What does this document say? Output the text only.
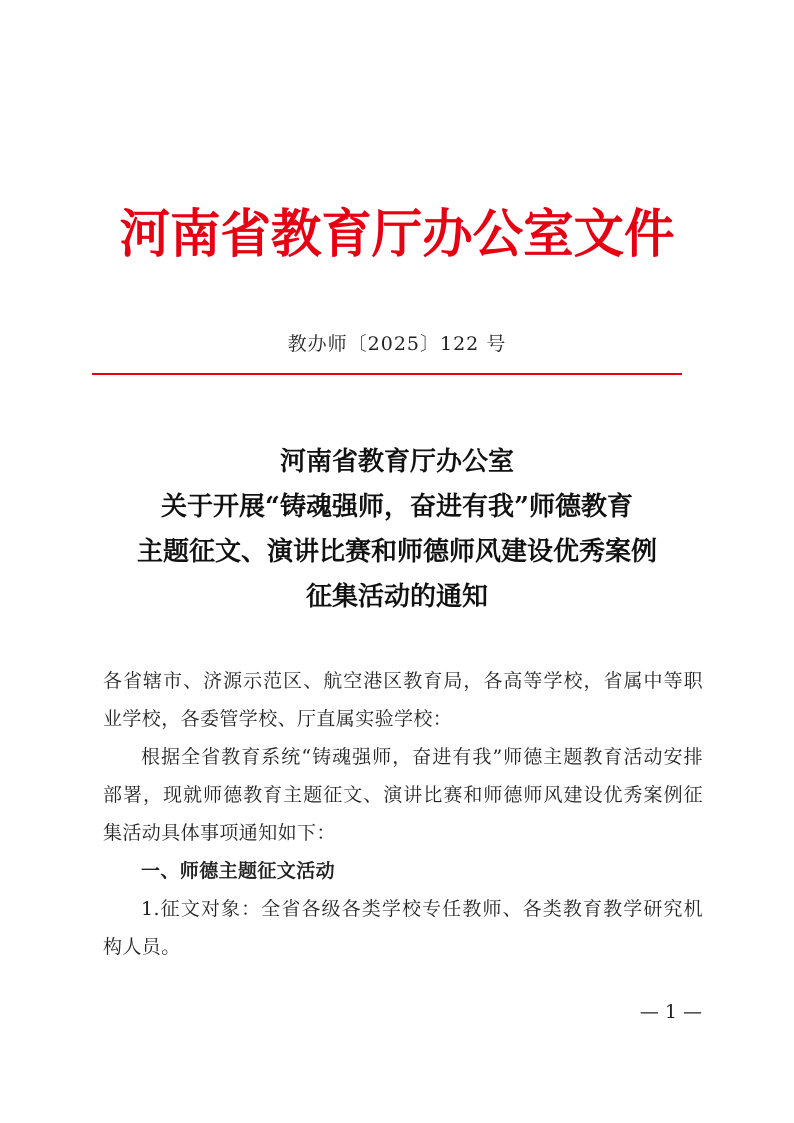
河南省教育厅办公室文件
教办师〔2025〕122 号
河南省教育厅办公室
关于开展“铸魂强师，奋进有我”师德教育
主题征文、演讲比赛和师德师风建设优秀案例
征集活动的通知

各省辖市、济源示范区、航空港区教育局，各高等学校，省属中等职业学校，各委管学校、厅直属实验学校：

根据全省教育系统“铸魂强师，奋进有我”师德主题教育活动安排部署，现就师德教育主题征文、演讲比赛和师德师风建设优秀案例征集活动具体事项通知如下：

一、师德主题征文活动

1.征文对象：全省各级各类学校专任教师、各类教育教学研究机构人员。

— 1 —
